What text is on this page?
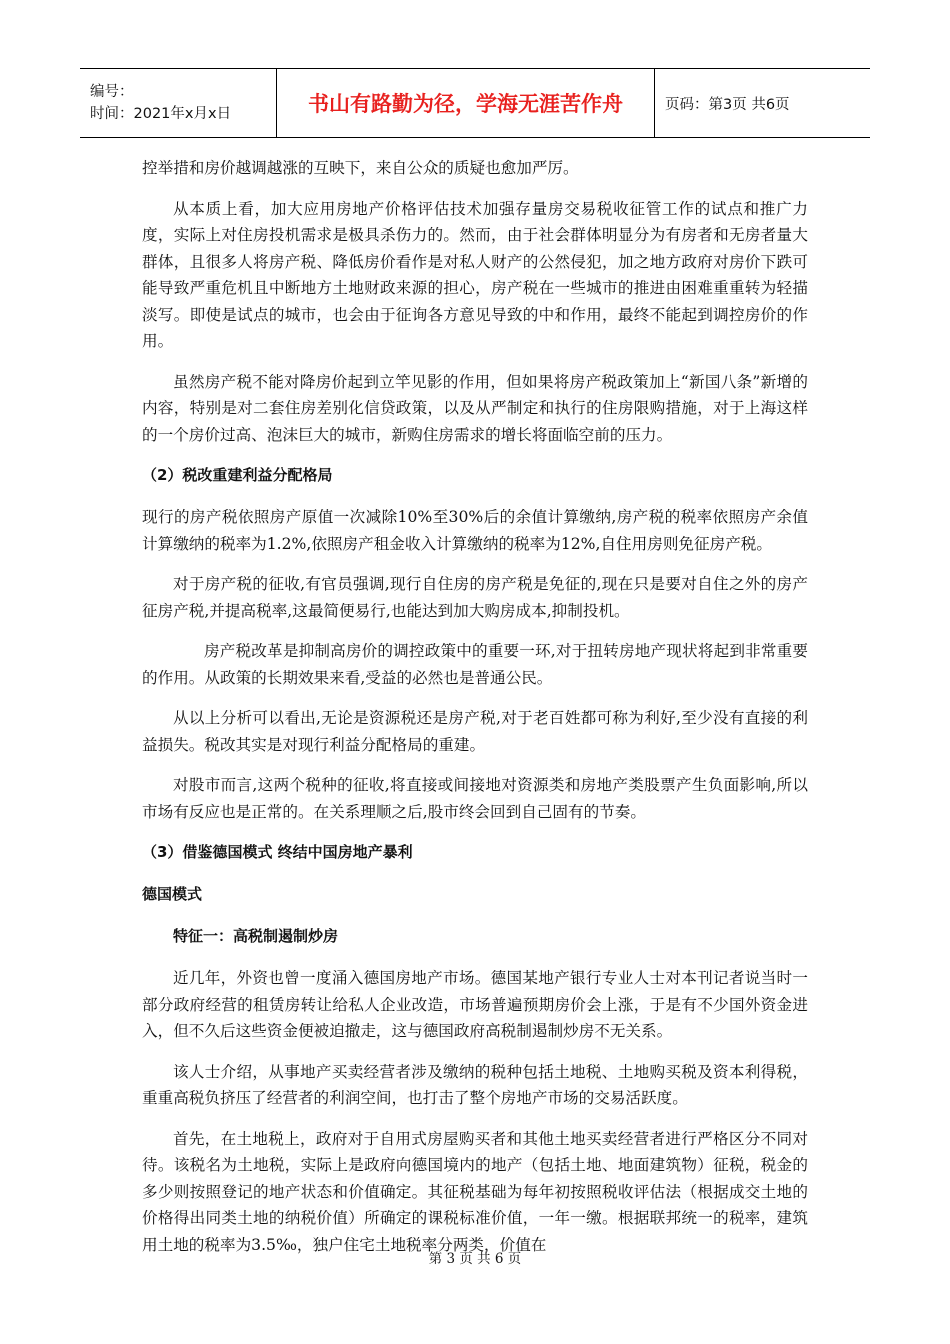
编号：
时间：2021年x月x日	书山有路勤为径，学海无涯苦作舟	页码：第3页 共6页

控举措和房价越调越涨的互映下，来自公众的质疑也愈加严厉。

从本质上看，加大应用房地产价格评估技术加强存量房交易税收征管工作的试点和推广力度，实际上对住房投机需求是极具杀伤力的。然而，由于社会群体明显分为有房者和无房者量大群体，且很多人将房产税、降低房价看作是对私人财产的公然侵犯，加之地方政府对房价下跌可能导致严重危机且中断地方土地财政来源的担心，房产税在一些城市的推进由困难重重转为轻描淡写。即使是试点的城市，也会由于征询各方意见导致的中和作用，最终不能起到调控房价的作用。

虽然房产税不能对降房价起到立竿见影的作用，但如果将房产税政策加上“新国八条”新增的内容，特别是对二套住房差别化信贷政策，以及从严制定和执行的住房限购措施，对于上海这样的一个房价过高、泡沫巨大的城市，新购住房需求的增长将面临空前的压力。

（2）税改重建利益分配格局

现行的房产税依照房产原值一次减除10%至30%后的余值计算缴纳,房产税的税率依照房产余值计算缴纳的税率为1.2%,依照房产租金收入计算缴纳的税率为12%,自住用房则免征房产税。

对于房产税的征收,有官员强调,现行自住房的房产税是免征的,现在只是要对自住之外的房产征房产税,并提高税率,这最简便易行,也能达到加大购房成本,抑制投机。

房产税改革是抑制高房价的调控政策中的重要一环,对于扭转房地产现状将起到非常重要的作用。从政策的长期效果来看,受益的必然也是普通公民。

从以上分析可以看出,无论是资源税还是房产税,对于老百姓都可称为利好,至少没有直接的利益损失。税改其实是对现行利益分配格局的重建。

对股市而言,这两个税种的征收,将直接或间接地对资源类和房地产类股票产生负面影响,所以市场有反应也是正常的。在关系理顺之后,股市终会回到自己固有的节奏。

（3）借鉴德国模式 终结中国房地产暴利
德国模式
特征一：高税制遏制炒房

近几年，外资也曾一度涌入德国房地产市场。德国某地产银行专业人士对本刊记者说当时一部分政府经营的租赁房转让给私人企业改造，市场普遍预期房价会上涨，于是有不少国外资金进入，但不久后这些资金便被迫撤走，这与德国政府高税制遏制炒房不无关系。

该人士介绍，从事地产买卖经营者涉及缴纳的税种包括土地税、土地购买税及资本利得税，重重高税负挤压了经营者的利润空间，也打击了整个房地产市场的交易活跃度。

首先，在土地税上，政府对于自用式房屋购买者和其他土地买卖经营者进行严格区分不同对待。该税名为土地税，实际上是政府向德国境内的地产（包括土地、地面建筑物）征税，税金的多少则按照登记的地产状态和价值确定。其征税基础为每年初按照税收评估法（根据成交土地的价格得出同类土地的纳税价值）所确定的课税标准价值，一年一缴。根据联邦统一的税率，建筑用土地的税率为3.5‰，独户住宅土地税率分两类，价值在

第 3 页 共 6 页
